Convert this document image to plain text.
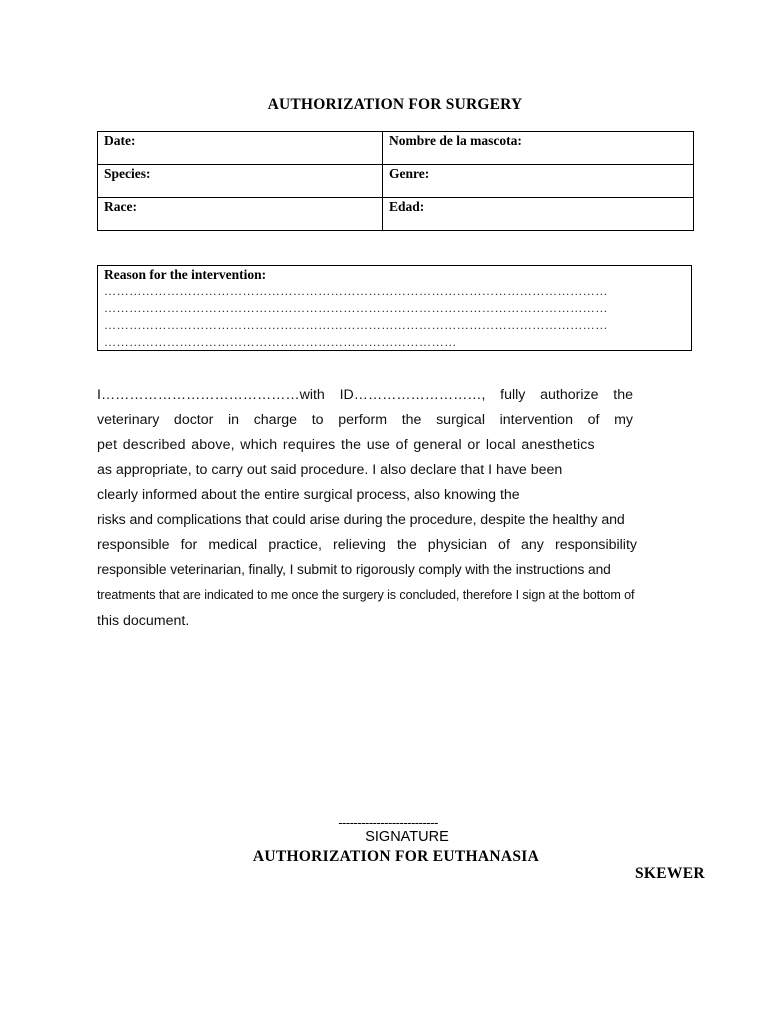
AUTHORIZATION FOR SURGERY
Date:	Nombre de la mascota:
Species:	Genre:
Race:	Edad:
Reason for the intervention:
…………………………………………………………………………………………………………
…………………………………………………………………………………………………………
…………………………………………………………………………………………………………
…………………………………………………………………………
I……………………………………with ID………………………, fully authorize the
veterinary doctor in charge to perform the surgical intervention of my
pet described above, which requires the use of general or local anesthetics
as appropriate, to carry out said procedure. I also declare that I have been
clearly informed about the entire surgical process, also knowing the
risks and complications that could arise during the procedure, despite the healthy and
responsible for medical practice, relieving the physician of any responsibility
responsible veterinarian, finally, I submit to rigorously comply with the instructions and
treatments that are indicated to me once the surgery is concluded, therefore I sign at the bottom of
this document.
--------------------------
SIGNATURE
AUTHORIZATION FOR EUTHANASIA
SKEWER
